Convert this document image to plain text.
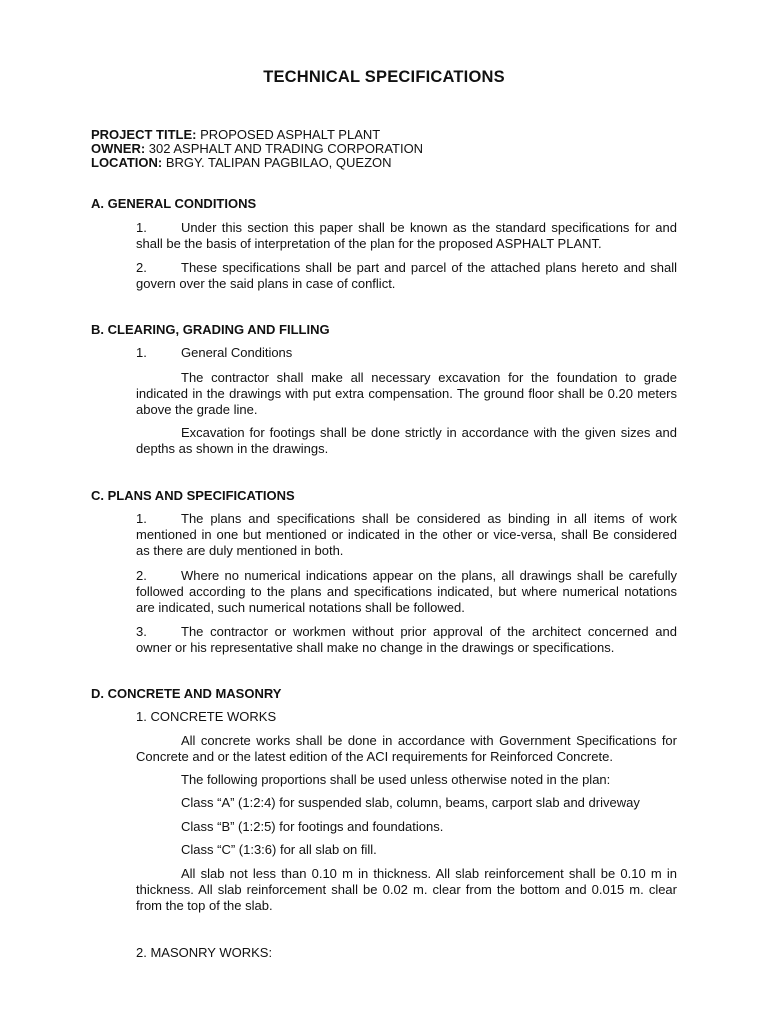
TECHNICAL SPECIFICATIONS
PROJECT TITLE: PROPOSED ASPHALT PLANT
OWNER: 302 ASPHALT AND TRADING CORPORATION
LOCATION: BRGY. TALIPAN PAGBILAO, QUEZON
A. GENERAL CONDITIONS
1.	Under this section this paper shall be known as the standard specifications for and shall be the basis of interpretation of the plan for the proposed ASPHALT PLANT.
2.	These specifications shall be part and parcel of the attached plans hereto and shall govern over the said plans in case of conflict.
B. CLEARING, GRADING AND FILLING
1.	General Conditions
The contractor shall make all necessary excavation for the foundation to grade indicated in the drawings with put extra compensation. The ground floor shall be 0.20 meters above the grade line.
Excavation for footings shall be done strictly in accordance with the given sizes and depths as shown in the drawings.
C. PLANS AND SPECIFICATIONS
1.	The plans and specifications shall be considered as binding in all items of work mentioned in one but mentioned or indicated in the other or vice-versa, shall Be considered as there are duly mentioned in both.
2.	Where no numerical indications appear on the plans, all drawings shall be carefully followed according to the plans and specifications indicated, but where numerical notations are indicated, such numerical notations shall be followed.
3.	The contractor or workmen without prior approval of the architect concerned and owner or his representative shall make no change in the drawings or specifications.
D. CONCRETE AND MASONRY
1. CONCRETE WORKS
All concrete works shall be done in accordance with Government Specifications for Concrete and or the latest edition of the ACI requirements for Reinforced Concrete.
The following proportions shall be used unless otherwise noted in the plan:
Class “A” (1:2:4) for suspended slab, column, beams, carport slab and driveway
Class “B” (1:2:5) for footings and foundations.
Class “C” (1:3:6) for all slab on fill.
All slab not less than 0.10 m in thickness. All slab reinforcement shall be 0.10 m in thickness. All slab reinforcement shall be 0.02 m. clear from the bottom and 0.015 m. clear from the top of the slab.
2. MASONRY WORKS:
